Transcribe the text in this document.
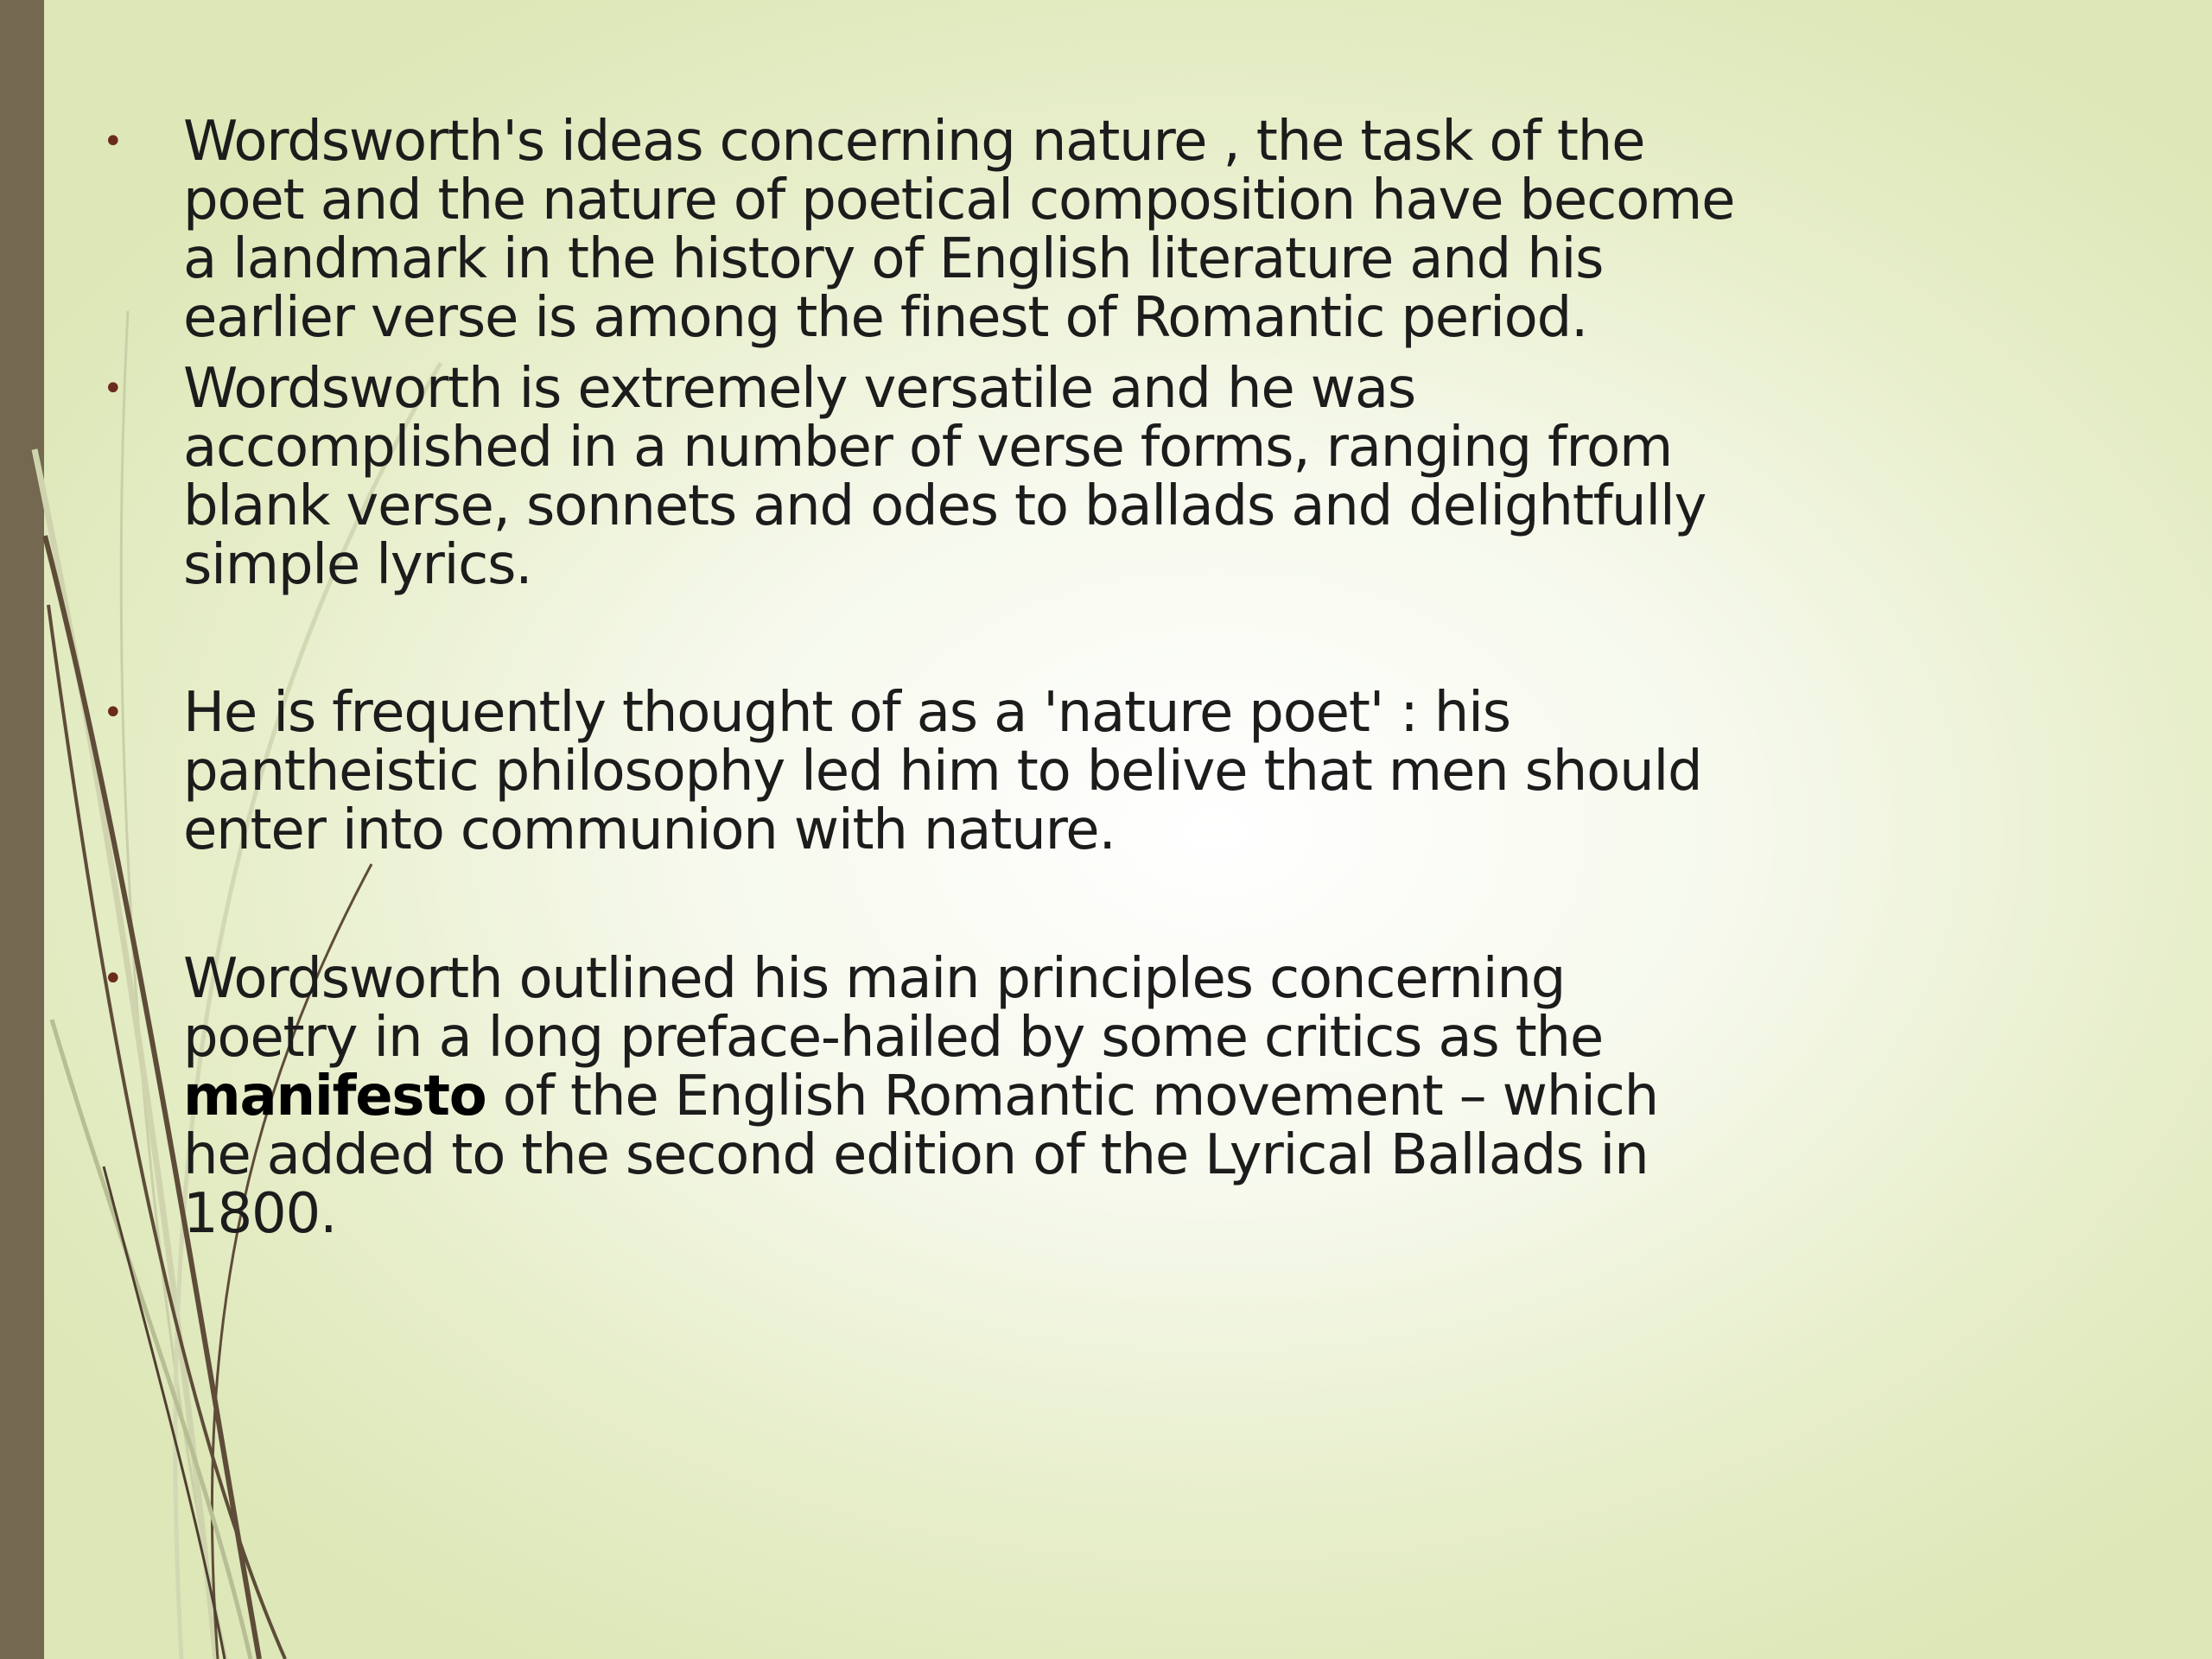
• Wordsworth's ideas concerning nature , the task of the poet and the nature of poetical composition have become a landmark in the history of English literature and his earlier verse is among the finest of Romantic period.
• Wordsworth is extremely versatile and he was accomplished in a number of verse forms, ranging from blank verse, sonnets and odes to ballads and delightfully simple lyrics.
• He is frequently thought of as a 'nature poet' : his pantheistic philosophy led him to belive that men should enter into communion with nature.
• Wordsworth outlined his main principles concerning poetry in a long preface-hailed by some critics as the manifesto of the English Romantic movement – which he added to the second edition of the Lyrical Ballads in 1800.
